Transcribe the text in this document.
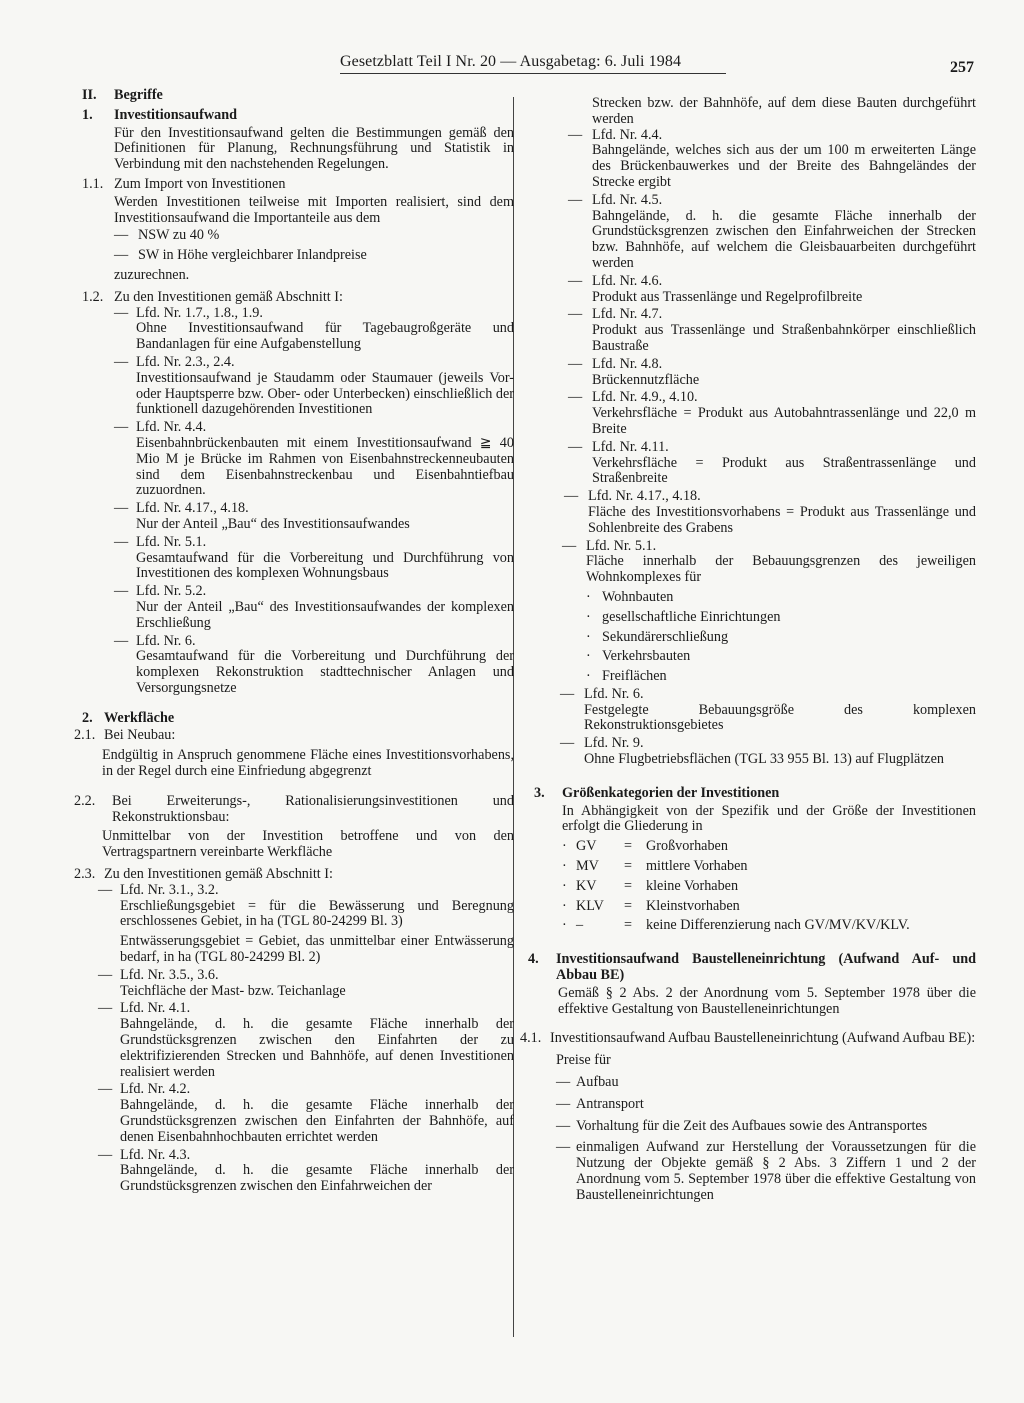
Gesetzblatt Teil I Nr. 20 — Ausgabetag: 6. Juli 1984	257
II. Begriffe
1. Investitionsaufwand

Für den Investitionsaufwand gelten die Bestimmungen gemäß den Definitionen für Planung, Rechnungsführung und Statistik in Verbindung mit den nachstehenden Regelungen.

1.1. Zum Import von Investitionen

Werden Investitionen teilweise mit Importen realisiert, sind dem Investitionsaufwand die Importanteile aus dem

— NSW zu 40 %
— SW in Höhe vergleichbarer Inlandpreise

zuzurechnen.

1.2. Zu den Investitionen gemäß Abschnitt I:
— Lfd. Nr. 1.7., 1.8., 1.9.
Ohne Investitionsaufwand für Tagebaugroßgeräte und Bandanlagen für eine Aufgabenstellung
— Lfd. Nr. 2.3., 2.4.
Investitionsaufwand je Staudamm oder Staumauer (jeweils Vor- oder Hauptsperre bzw. Ober- oder Unterbecken) einschließlich der funktionell dazugehörenden Investitionen
— Lfd. Nr. 4.4.
Eisenbahnbrückenbauten mit einem Investitionsaufwand ≧ 40 Mio M je Brücke im Rahmen von Eisenbahnstreckenneubauten sind dem Eisenbahnstreckenbau und Eisenbahntiefbau zuzuordnen.
— Lfd. Nr. 4.17., 4.18.
Nur der Anteil „Bau“ des Investitionsaufwandes
— Lfd. Nr. 5.1.
Gesamtaufwand für die Vorbereitung und Durchführung von Investitionen des komplexen Wohnungsbaus
— Lfd. Nr. 5.2.
Nur der Anteil „Bau“ des Investitionsaufwandes der komplexen Erschließung
— Lfd. Nr. 6.
Gesamtaufwand für die Vorbereitung und Durchführung der komplexen Rekonstruktion stadttechnischer Anlagen und Versorgungsnetze
2. Werkfläche
2.1. Bei Neubau:

Endgültig in Anspruch genommene Fläche eines Investitionsvorhabens, in der Regel durch eine Einfriedung abgegrenzt

2.2. Bei Erweiterungs-, Rationalisierungsinvestitionen und Rekonstruktionsbau:

Unmittelbar von der Investition betroffene und von den Vertragspartnern vereinbarte Werkfläche

2.3. Zu den Investitionen gemäß Abschnitt I:
— Lfd. Nr. 3.1., 3.2.
Erschließungsgebiet = für die Bewässerung und Beregnung erschlossenes Gebiet, in ha (TGL 80-24299 Bl. 3)
Entwässerungsgebiet = Gebiet, das unmittelbar einer Entwässerung bedarf, in ha (TGL 80-24299 Bl. 2)
— Lfd. Nr. 3.5., 3.6.
Teichfläche der Mast- bzw. Teichanlage
— Lfd. Nr. 4.1.
Bahngelände, d. h. die gesamte Fläche innerhalb der Grundstücksgrenzen zwischen den Einfahrten der zu elektrifizierenden Strecken und Bahnhöfe, auf denen Investitionen realisiert werden
— Lfd. Nr. 4.2.
Bahngelände, d. h. die gesamte Fläche innerhalb der Grundstücksgrenzen zwischen den Einfahrten der Bahnhöfe, auf denen Eisenbahnhochbauten errichtet werden
— Lfd. Nr. 4.3.
Bahngelände, d. h. die gesamte Fläche innerhalb der Grundstücksgrenzen zwischen den Einfahrweichen der

Strecken bzw. der Bahnhöfe, auf dem diese Bauten durchgeführt werden

— Lfd. Nr. 4.4.
Bahngelände, welches sich aus der um 100 m erweiterten Länge des Brückenbauwerkes und der Breite des Bahngeländes der Strecke ergibt
— Lfd. Nr. 4.5.
Bahngelände, d. h. die gesamte Fläche innerhalb der Grundstücksgrenzen zwischen den Einfahrweichen der Strecken bzw. Bahnhöfe, auf welchem die Gleisbauarbeiten durchgeführt werden
— Lfd. Nr. 4.6.
Produkt aus Trassenlänge und Regelprofilbreite
— Lfd. Nr. 4.7.
Produkt aus Trassenlänge und Straßenbahnkörper einschließlich Baustraße
— Lfd. Nr. 4.8.
Brückennutzfläche
— Lfd. Nr. 4.9., 4.10.
Verkehrsfläche = Produkt aus Autobahntrassenlänge und 22,0 m Breite
— Lfd. Nr. 4.11.
Verkehrsfläche = Produkt aus Straßentrassenlänge und Straßenbreite
— Lfd. Nr. 4.17., 4.18.
Fläche des Investitionsvorhabens = Produkt aus Trassenlänge und Sohlenbreite des Grabens
— Lfd. Nr. 5.1.
Fläche innerhalb der Bebauungsgrenzen des jeweiligen Wohnkomplexes für
· Wohnbauten
· gesellschaftliche Einrichtungen
· Sekundärerschließung
· Verkehrsbauten
· Freiflächen
— Lfd. Nr. 6.
Festgelegte Bebauungsgröße des komplexen Rekonstruktionsgebietes
— Lfd. Nr. 9.
Ohne Flugbetriebsflächen (TGL 33 955 Bl. 13) auf Flugplätzen
3. Größenkategorien der Investitionen

In Abhängigkeit von der Spezifik und der Größe der Investitionen erfolgt die Gliederung in

· GV = Großvorhaben
· MV = mittlere Vorhaben
· KV = kleine Vorhaben
· KLV = Kleinstvorhaben
· –	= keine Differenzierung nach GV/MV/KV/KLV.
4. Investitionsaufwand Baustelleneinrichtung (Aufwand Auf- und Abbau BE)

Gemäß § 2 Abs. 2 der Anordnung vom 5. September 1978 über die effektive Gestaltung von Baustelleneinrichtungen

4.1. Investitionsaufwand Aufbau Baustelleneinrichtung (Aufwand Aufbau BE):

Preise für

— Aufbau
— Antransport
— Vorhaltung für die Zeit des Aufbaues sowie des Antransportes
— einmaligen Aufwand zur Herstellung der Voraussetzungen für die Nutzung der Objekte gemäß § 2 Abs. 3 Ziffern 1 und 2 der Anordnung vom 5. September 1978 über die effektive Gestaltung von Baustelleneinrichtungen
